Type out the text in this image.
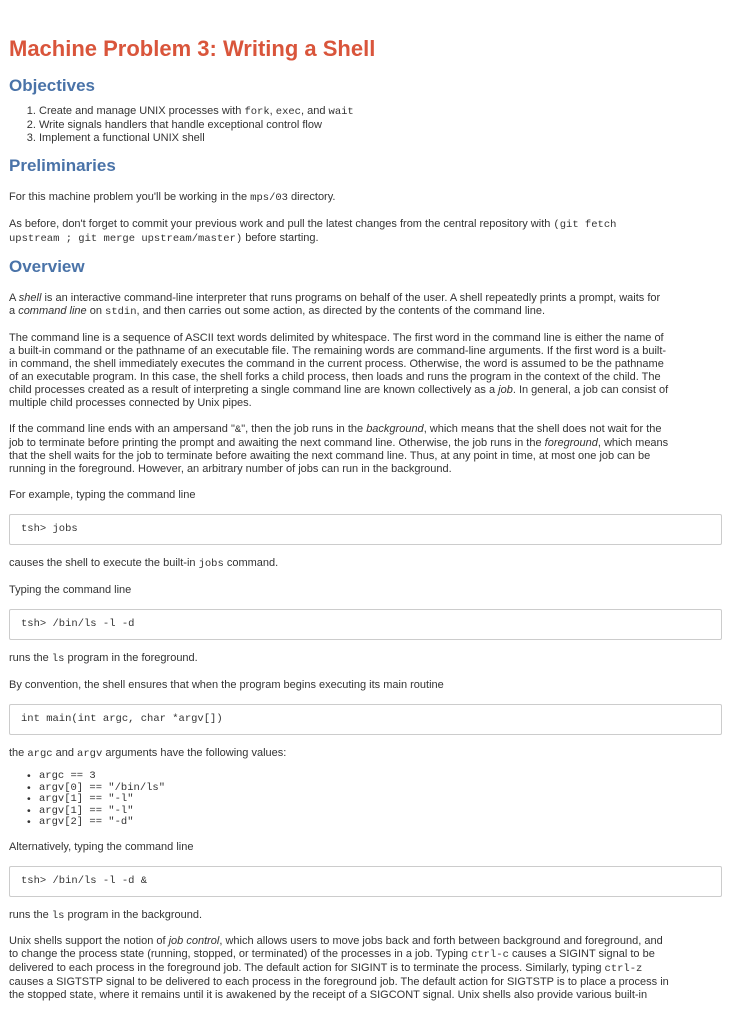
Machine Problem 3: Writing a Shell
Objectives
1. Create and manage UNIX processes with fork, exec, and wait
2. Write signals handlers that handle exceptional control flow
3. Implement a functional UNIX shell
Preliminaries

For this machine problem you'll be working in the mps/03 directory.

As before, don't forget to commit your previous work and pull the latest changes from the central repository with (git fetch
upstream ; git merge upstream/master) before starting.

Overview

A shell is an interactive command-line interpreter that runs programs on behalf of the user. A shell repeatedly prints a prompt, waits for
a command line on stdin, and then carries out some action, as directed by the contents of the command line.

The command line is a sequence of ASCII text words delimited by whitespace. The first word in the command line is either the name of
a built-in command or the pathname of an executable file. The remaining words are command-line arguments. If the first word is a built-
in command, the shell immediately executes the command in the current process. Otherwise, the word is assumed to be the pathname
of an executable program. In this case, the shell forks a child process, then loads and runs the program in the context of the child. The
child processes created as a result of interpreting a single command line are known collectively as a job. In general, a job can consist of
multiple child processes connected by Unix pipes.

If the command line ends with an ampersand "&", then the job runs in the background, which means that the shell does not wait for the
job to terminate before printing the prompt and awaiting the next command line. Otherwise, the job runs in the foreground, which means
that the shell waits for the job to terminate before awaiting the next command line. Thus, at any point in time, at most one job can be
running in the foreground. However, an arbitrary number of jobs can run in the background.

For example, typing the command line

tsh> jobs

causes the shell to execute the built-in jobs command.

Typing the command line

tsh> /bin/ls -l -d

runs the ls program in the foreground.

By convention, the shell ensures that when the program begins executing its main routine

int main(int argc, char *argv[])

the argc and argv arguments have the following values:

• argc == 3
• argv[0] == "/bin/ls"
• argv[1] == "-l"
• argv[1] == "-l"
• argv[2] == "-d"

Alternatively, typing the command line

tsh> /bin/ls -l -d &

runs the ls program in the background.

Unix shells support the notion of job control, which allows users to move jobs back and forth between background and foreground, and
to change the process state (running, stopped, or terminated) of the processes in a job. Typing ctrl-c causes a SIGINT signal to be
delivered to each process in the foreground job. The default action for SIGINT is to terminate the process. Similarly, typing ctrl-z
causes a SIGTSTP signal to be delivered to each process in the foreground job. The default action for SIGTSTP is to place a process in
the stopped state, where it remains until it is awakened by the receipt of a SIGCONT signal. Unix shells also provide various built-in
